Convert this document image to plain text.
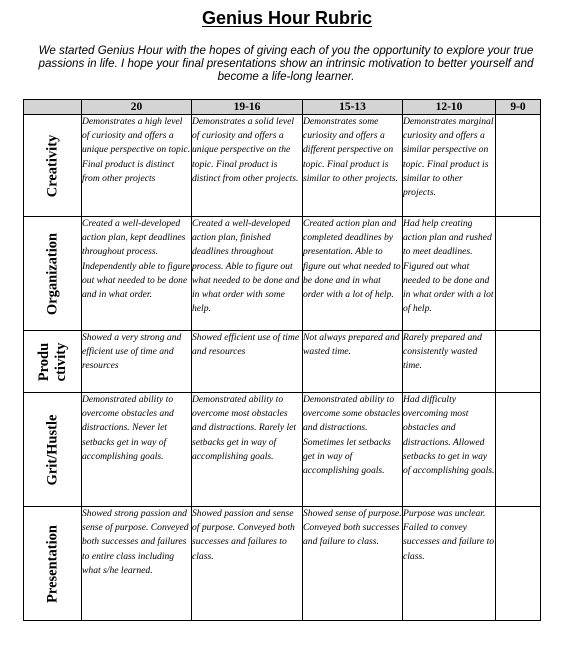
Genius Hour Rubric
We started Genius Hour with the hopes of giving each of you the opportunity to explore your true passions in life. I hope your final presentations show an intrinsic motivation to better yourself and become a life-long learner.
	20	19-16	15-13	12-10	9-0

Creativity	Demonstrates a high level of curiosity and offers a unique perspective on topic. Final product is distinct from other projects	Demonstrates a solid level of curiosity and offers a unique perspective on the topic. Final product is distinct from other projects.	Demonstrates some curiosity and offers a different perspective on topic. Final product is similar to other projects.	Demonstrates marginal curiosity and offers a similar perspective on topic. Final product is similar to other projects.	

Organization	Created a well-developed action plan, kept deadlines throughout process. Independently able to figure out what needed to be done and in what order.	Created a well-developed action plan, finished deadlines throughout process. Able to figure out what needed to be done and in what order with some help.	Created action plan and completed deadlines by presentation. Able to figure out what needed to be done and in what order with a lot of help.	Had help creating action plan and rushed to meet deadlines. Figured out what needed to be done and in what order with a lot of help.	

Produ ctivity	Showed a very strong and efficient use of time and resources	Showed efficient use of time and resources	Not always prepared and wasted time.	Rarely prepared and consistently wasted time.	

Grit/Hustle	Demonstrated ability to overcome obstacles and distractions. Never let setbacks get in way of accomplishing goals.	Demonstrated ability to overcome most obstacles and distractions. Rarely let setbacks get in way of accomplishing goals.	Demonstrated ability to overcome some obstacles and distractions. Sometimes let setbacks get in way of accomplishing goals.	Had difficulty overcoming most obstacles and distractions. Allowed setbacks to get in way of accomplishing goals.	

Presentation	Showed strong passion and sense of purpose. Conveyed both successes and failures to entire class including what s/he learned.	Showed passion and sense of purpose. Conveyed both successes and failures to class.	Showed sense of purpose. Conveyed both successes and failure to class.	Purpose was unclear. Failed to convey successes and failure to class.	
